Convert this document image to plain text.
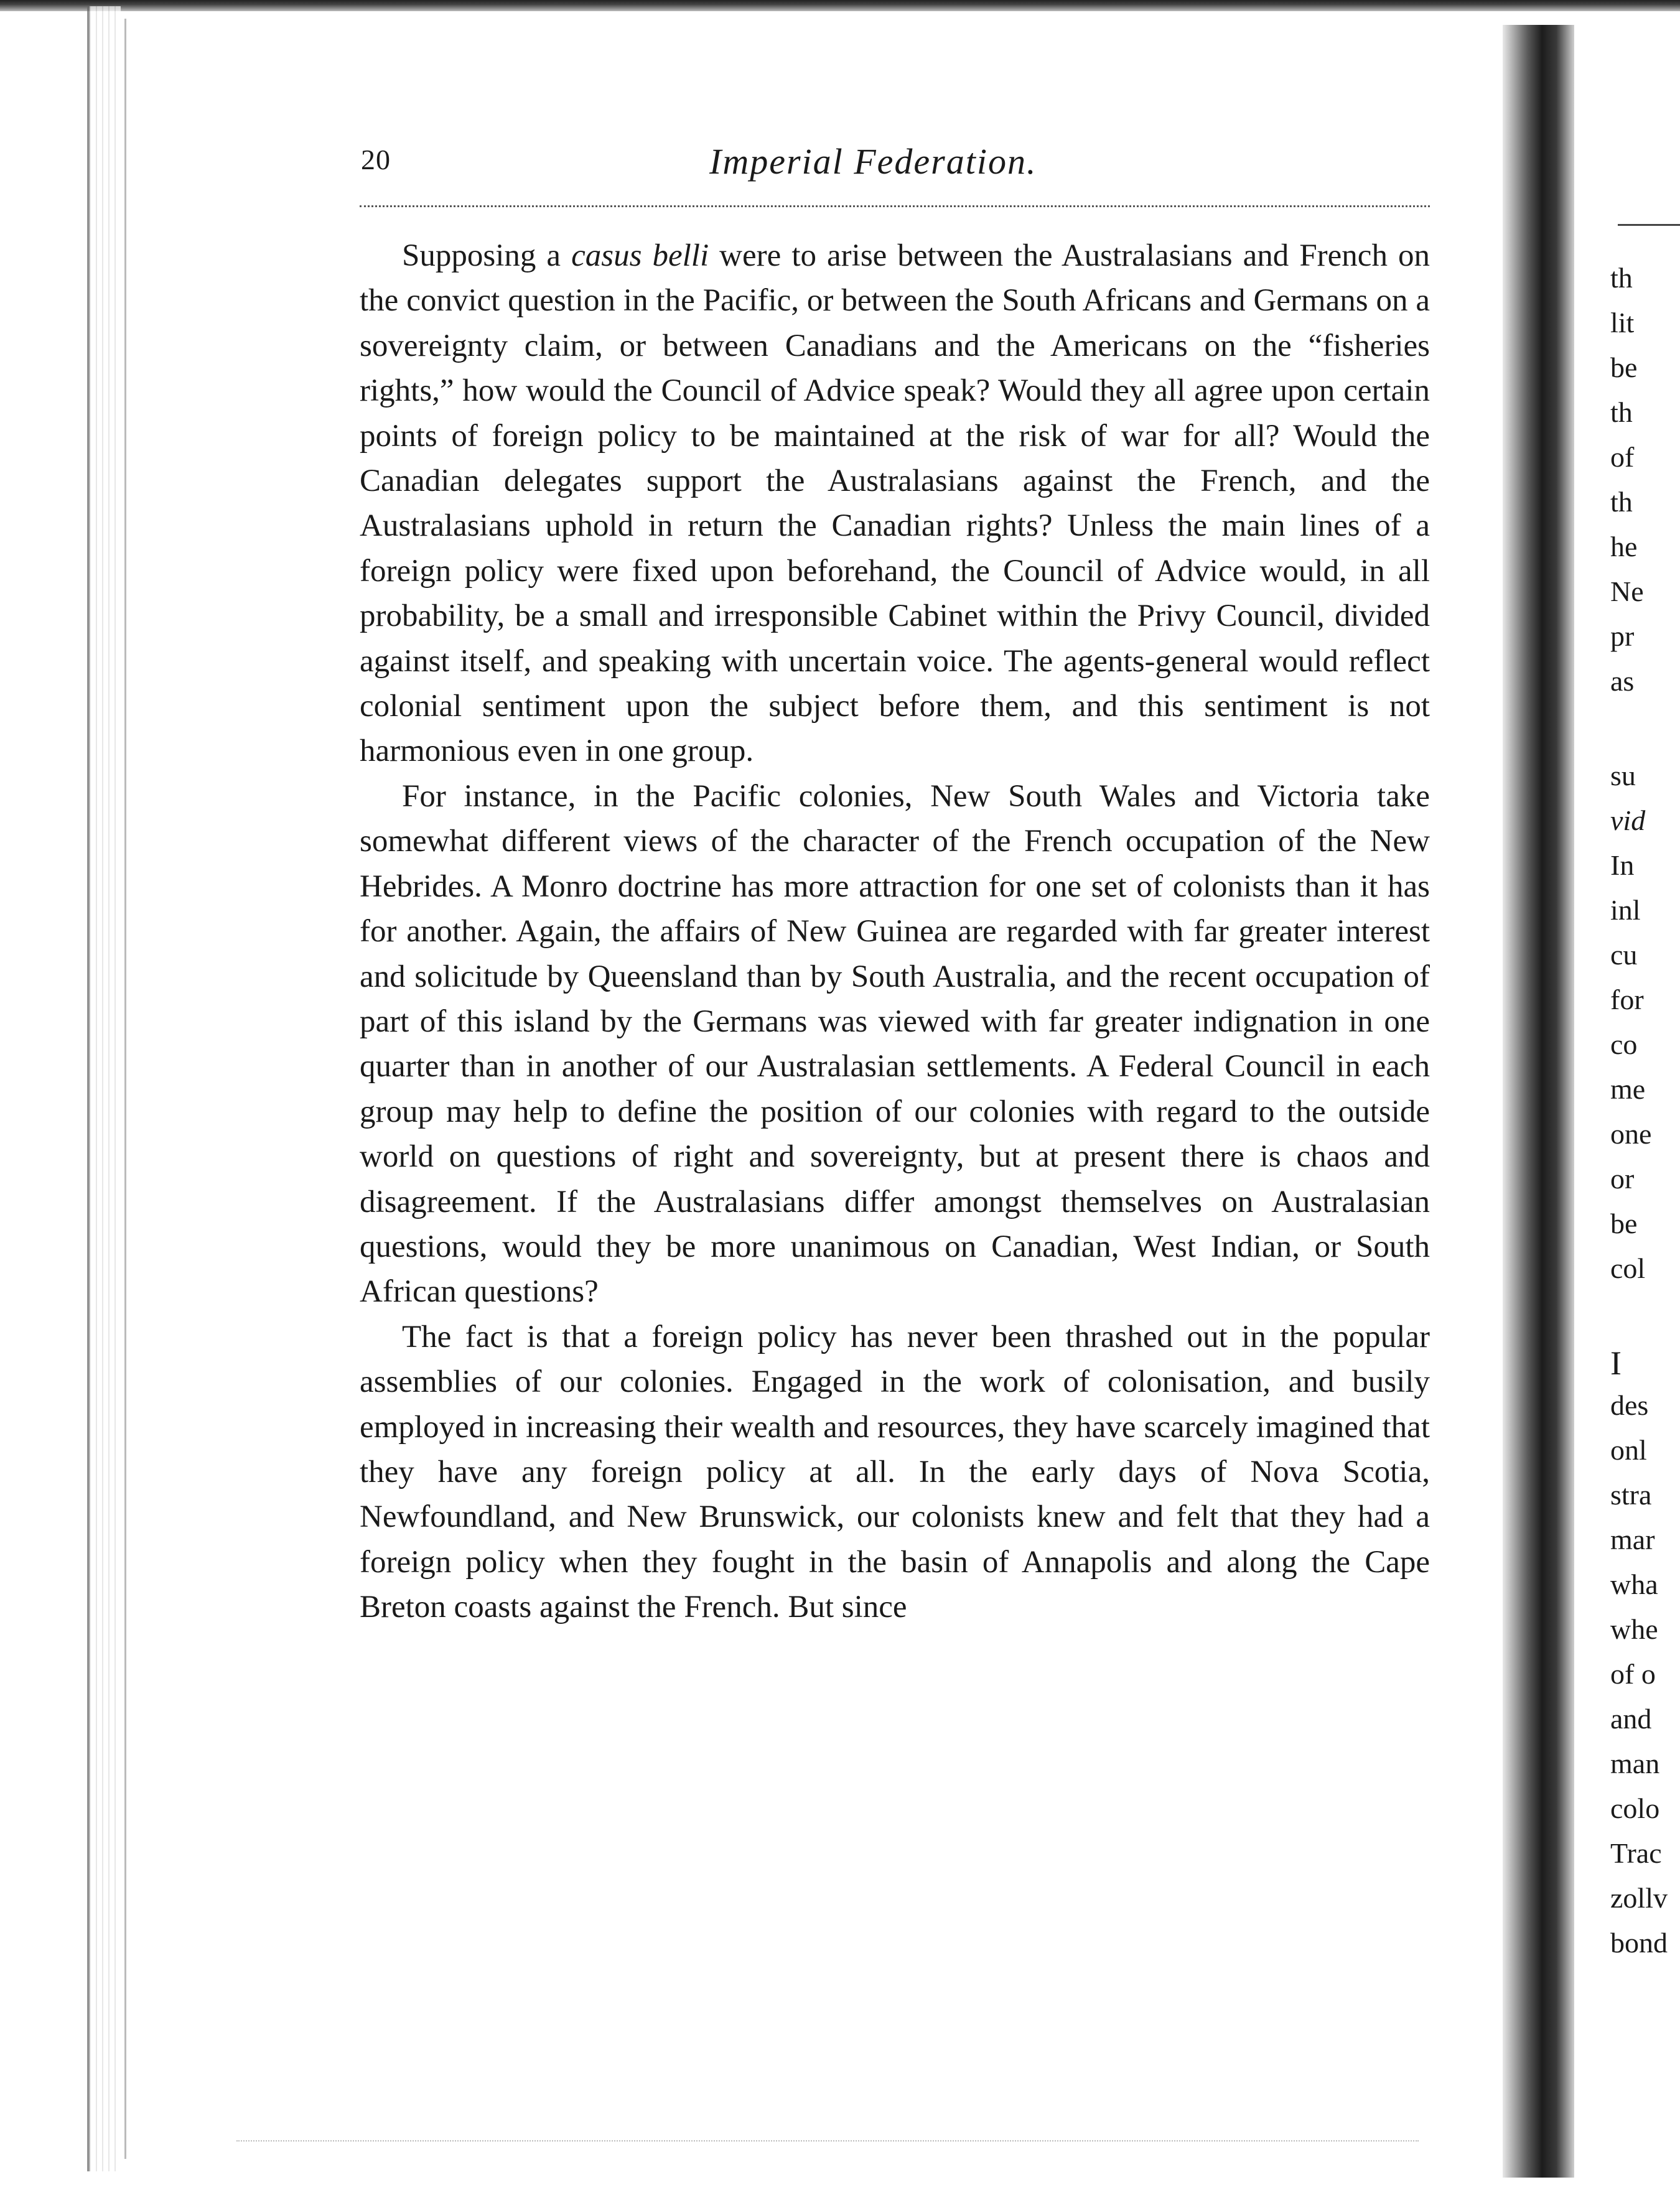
20	Imperial Federation.

Supposing a casus belli were to arise between the Australasians and French on the convict question in the Pacific, or between the South Africans and Germans on a sovereignty claim, or between Canadians and the Americans on the “fisheries rights,” how would the Council of Advice speak? Would they all agree upon certain points of foreign policy to be maintained at the risk of war for all? Would the Canadian delegates support the Australasians against the French, and the Australasians uphold in return the Canadian rights? Unless the main lines of a foreign policy were fixed upon beforehand, the Council of Advice would, in all probability, be a small and irresponsible Cabinet within the Privy Council, divided against itself, and speaking with uncertain voice. The agents-general would reflect colonial sentiment upon the subject before them, and this sentiment is not harmonious even in one group.

For instance, in the Pacific colonies, New South Wales and Victoria take somewhat different views of the character of the French occupation of the New Hebrides. A Monro doctrine has more attraction for one set of colonists than it has for another. Again, the affairs of New Guinea are regarded with far greater interest and solicitude by Queensland than by South Australia, and the recent occupation of part of this island by the Germans was viewed with far greater indignation in one quarter than in another of our Australasian settlements. A Federal Council in each group may help to define the position of our colonies with regard to the outside world on questions of right and sovereignty, but at present there is chaos and disagreement. If the Australasians differ amongst themselves on Australasian questions, would they be more unanimous on Canadian, West Indian, or South African questions?

The fact is that a foreign policy has never been thrashed out in the popular assemblies of our colonies. Engaged in the work of colonisation, and busily employed in increasing their wealth and resources, they have scarcely imagined that they have any foreign policy at all. In the early days of Nova Scotia, Newfoundland, and New Brunswick, our colonists knew and felt that they had a foreign policy when they fought in the basin of Annapolis and along the Cape Breton coasts against the French. But since

th
lit
be
th
of
th
he
Ne
pr
as
su
vid
In
inl
cu
for
co
me
one
or
be
col
I
des
onl
stra
mar
wha
whe
of o
and
man
colo
Trac
zollv
bond
